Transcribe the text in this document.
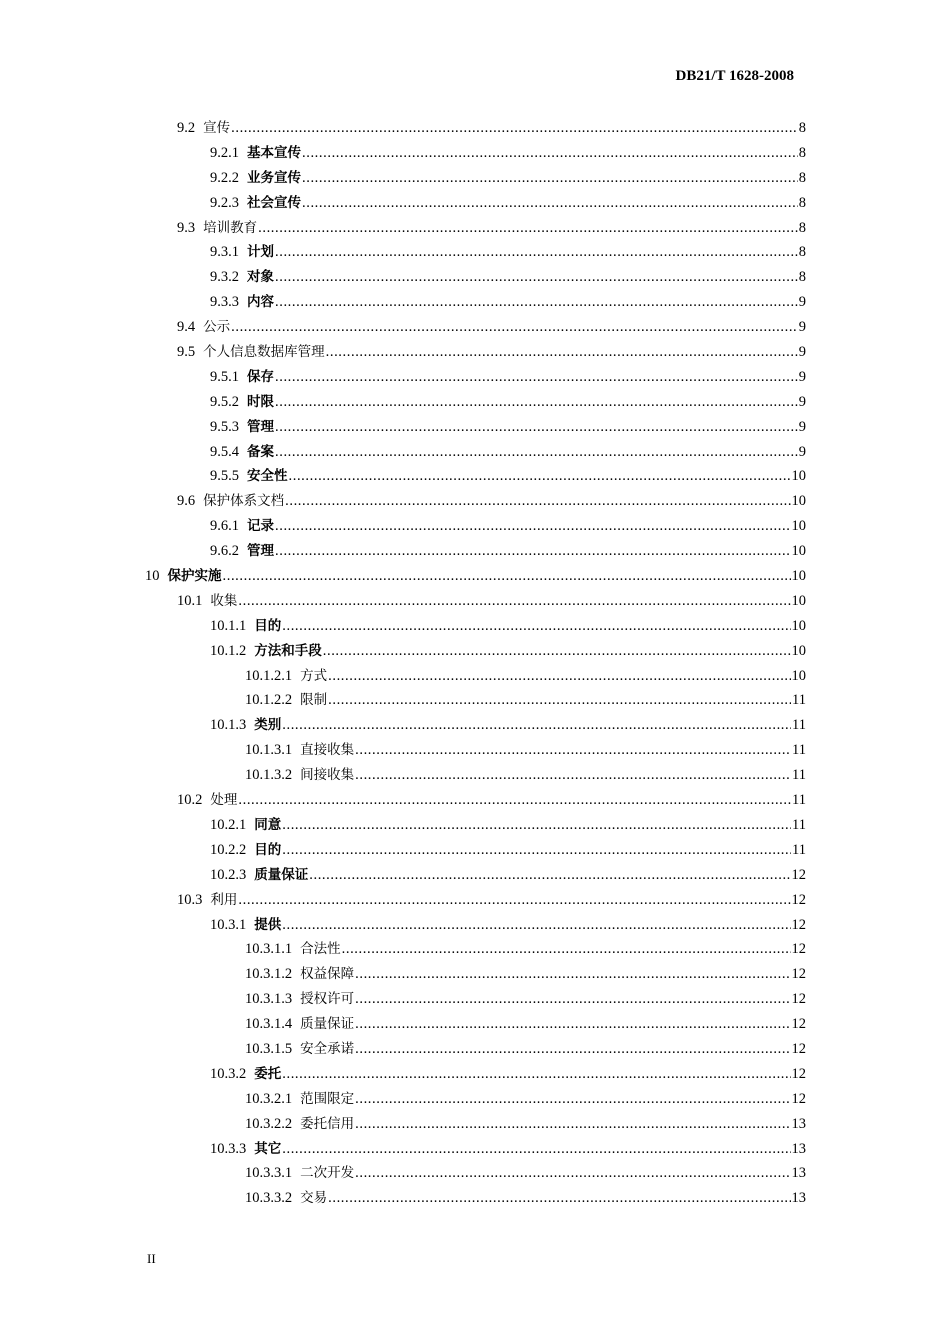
DB21/T 1628-2008
9.2 宣传 .....	8
9.2.1 基本宣传 .....	8
9.2.2 业务宣传 .....	8
9.2.3 社会宣传 .....	8
9.3 培训教育 .....	8
9.3.1 计划 .....	8
9.3.2 对象 .....	8
9.3.3 内容 .....	9
9.4 公示 .....	9
9.5 个人信息数据库管理 .....	9
9.5.1 保存 .....	9
9.5.2 时限 .....	9
9.5.3 管理 .....	9
9.5.4 备案 .....	9
9.5.5 安全性 .....	10
9.6 保护体系文档 .....	10
9.6.1 记录 .....	10
9.6.2 管理 .....	10
10 保护实施 .....	10
10.1 收集 .....	10
10.1.1 目的 .....	10
10.1.2 方法和手段 .....	10
10.1.2.1 方式 .....	10
10.1.2.2 限制 .....	11
10.1.3 类别 .....	11
10.1.3.1 直接收集 .....	11
10.1.3.2 间接收集 .....	11
10.2 处理 .....	11
10.2.1 同意 .....	11
10.2.2 目的 .....	11
10.2.3 质量保证 .....	12
10.3 利用 .....	12
10.3.1 提供 .....	12
10.3.1.1 合法性 .....	12
10.3.1.2 权益保障 .....	12
10.3.1.3 授权许可 .....	12
10.3.1.4 质量保证 .....	12
10.3.1.5 安全承诺 .....	12
10.3.2 委托 .....	12
10.3.2.1 范围限定 .....	12
10.3.2.2 委托信用 .....	13
10.3.3 其它 .....	13
10.3.3.1 二次开发 .....	13
10.3.3.2 交易 .....	13
II
